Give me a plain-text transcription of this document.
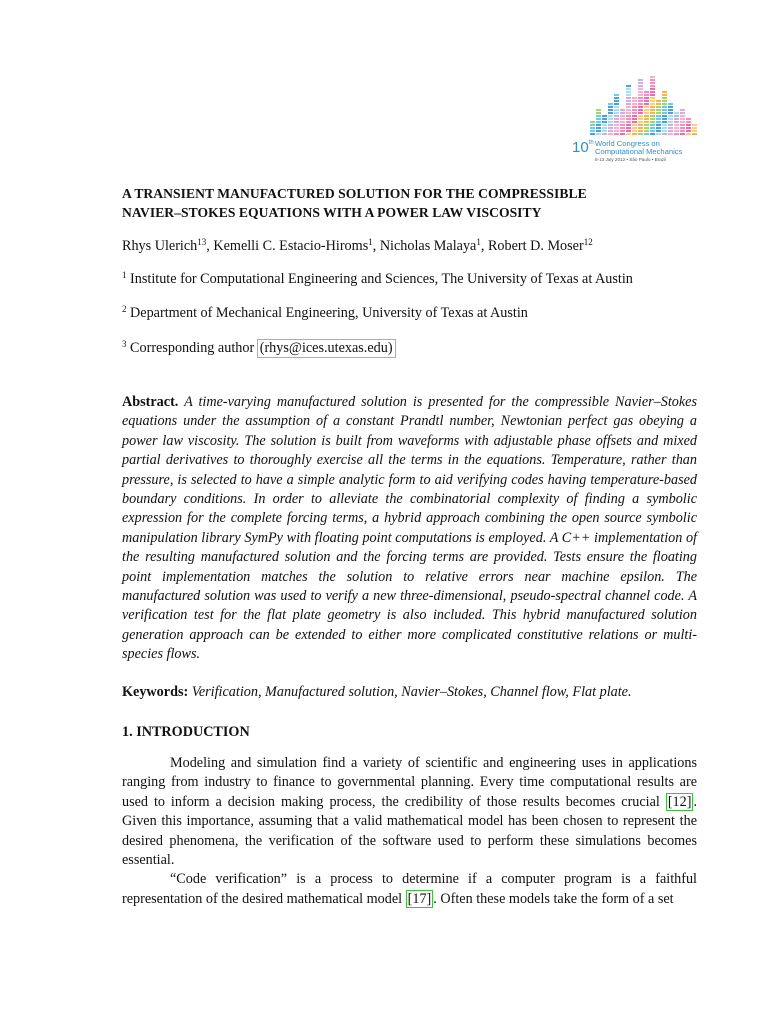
10th World Congress on
Computational Mechanics
8-13 July 2012 • São Paulo • Brazil
A TRANSIENT MANUFACTURED SOLUTION FOR THE COMPRESSIBLE
NAVIER–STOKES EQUATIONS WITH A POWER LAW VISCOSITY
Rhys Ulerich$^{13}$, Kemelli C. Estacio-Hiroms$^1$, Nicholas Malaya$^1$, Robert D. Moser$^{12}$
$^1$ Institute for Computational Engineering and Sciences, The University of Texas at Austin
$^2$ Department of Mechanical Engineering, University of Texas at Austin
$^3$ Corresponding author (rhys@ices.utexas.edu)
Abstract. A time-varying manufactured solution is presented for the compressible Navier–Stokes equations under the assumption of a constant Prandtl number, Newtonian perfect gas obeying a power law viscosity. The solution is built from waveforms with adjustable phase offsets and mixed partial derivatives to thoroughly exercise all the terms in the equations. Temperature, rather than pressure, is selected to have a simple analytic form to aid verifying codes having temperature-based boundary conditions. In order to alleviate the combinatorial complexity of finding a symbolic expression for the complete forcing terms, a hybrid approach combining the open source symbolic manipulation library SymPy with floating point computations is employed. A C++ implementation of the resulting manufactured solution and the forcing terms are provided. Tests ensure the floating point implementation matches the solution to relative errors near machine epsilon. The manufactured solution was used to verify a new three-dimensional, pseudo-spectral channel code. A verification test for the flat plate geometry is also included. This hybrid manufactured solution generation approach can be extended to either more complicated constitutive relations or multi-species flows.
Keywords: Verification, Manufactured solution, Navier–Stokes, Channel flow, Flat plate.
1. INTRODUCTION

Modeling and simulation find a variety of scientific and engineering uses in applications ranging from industry to finance to governmental planning. Every time computational results are used to inform a decision making process, the credibility of those results becomes crucial [12] . Given this importance, assuming that a valid mathematical model has been chosen to represent the desired phenomena, the verification of the software used to perform these simulations becomes essential.

“Code verification” is a process to determine if a computer program is a faithful representation of the desired mathematical model [17] . Often these models take the form of a set
